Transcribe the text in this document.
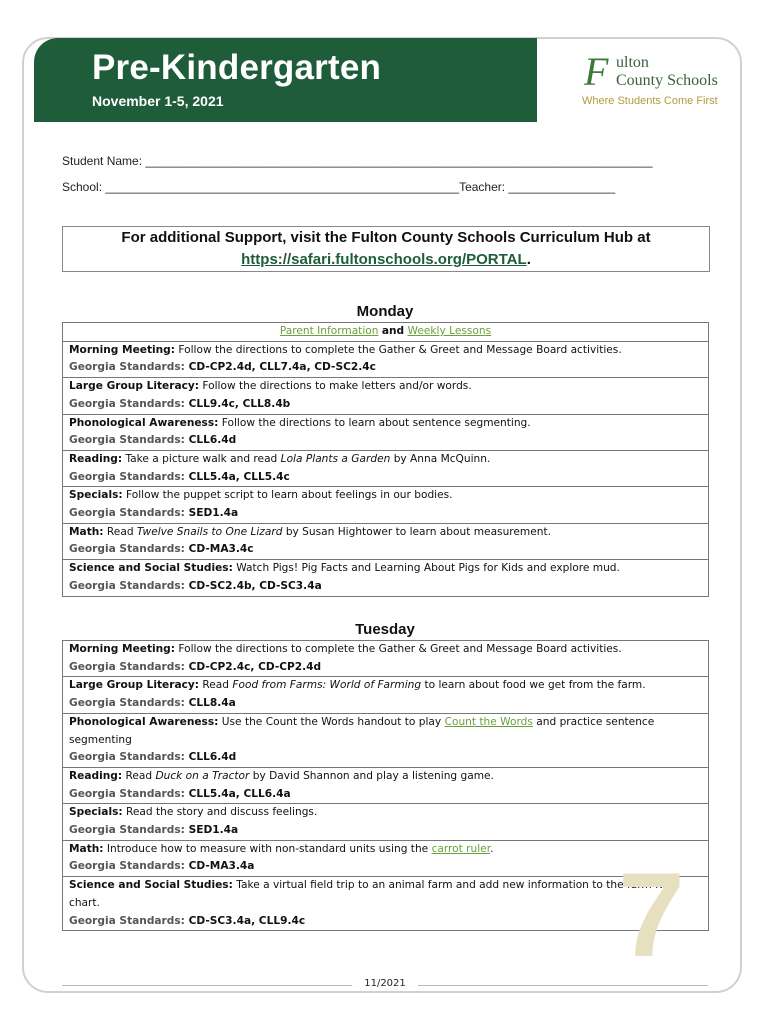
Pre-Kindergarten
November 1-5, 2021
F ulton
County Schools
Where Students Come First
Student Name: ____________________________________________________________________________
School: _____________________________________________________Teacher: ________________
For additional Support, visit the Fulton County Schools Curriculum Hub at
https://safari.fultonschools.org/PORTAL.
Monday
Parent Information and Weekly Lessons

Morning Meeting: Follow the directions to complete the Gather & Greet and Message Board activities.
Georgia Standards: CD-CP2.4d, CLL7.4a, CD-SC2.4c

Large Group Literacy: Follow the directions to make letters and/or words.
Georgia Standards: CLL9.4c, CLL8.4b

Phonological Awareness: Follow the directions to learn about sentence segmenting.
Georgia Standards: CLL6.4d

Reading: Take a picture walk and read Lola Plants a Garden by Anna McQuinn.
Georgia Standards: CLL5.4a, CLL5.4c

Specials: Follow the puppet script to learn about feelings in our bodies.
Georgia Standards: SED1.4a

Math: Read Twelve Snails to One Lizard by Susan Hightower to learn about measurement.
Georgia Standards: CD-MA3.4c

Science and Social Studies: Watch Pigs! Pig Facts and Learning About Pigs for Kids and explore mud.
Georgia Standards: CD-SC2.4b, CD-SC3.4a
Tuesday
Morning Meeting: Follow the directions to complete the Gather & Greet and Message Board activities.
Georgia Standards: CD-CP2.4c, CD-CP2.4d

Large Group Literacy: Read Food from Farms: World of Farming to learn about food we get from the farm.
Georgia Standards: CLL8.4a

Phonological Awareness: Use the Count the Words handout to play Count the Words and practice sentence segmenting
Georgia Standards: CLL6.4d

Reading: Read Duck on a Tractor by David Shannon and play a listening game.
Georgia Standards: CLL5.4a, CLL6.4a

Specials: Read the story and discuss feelings.
Georgia Standards: SED1.4a

Math: Introduce how to measure with non-standard units using the carrot ruler.
Georgia Standards: CD-MA3.4a

Science and Social Studies: Take a virtual field trip to an animal farm and add new information to the farm KWL chart.
Georgia Standards: CD-SC3.4a, CLL9.4c	7
11/2021
